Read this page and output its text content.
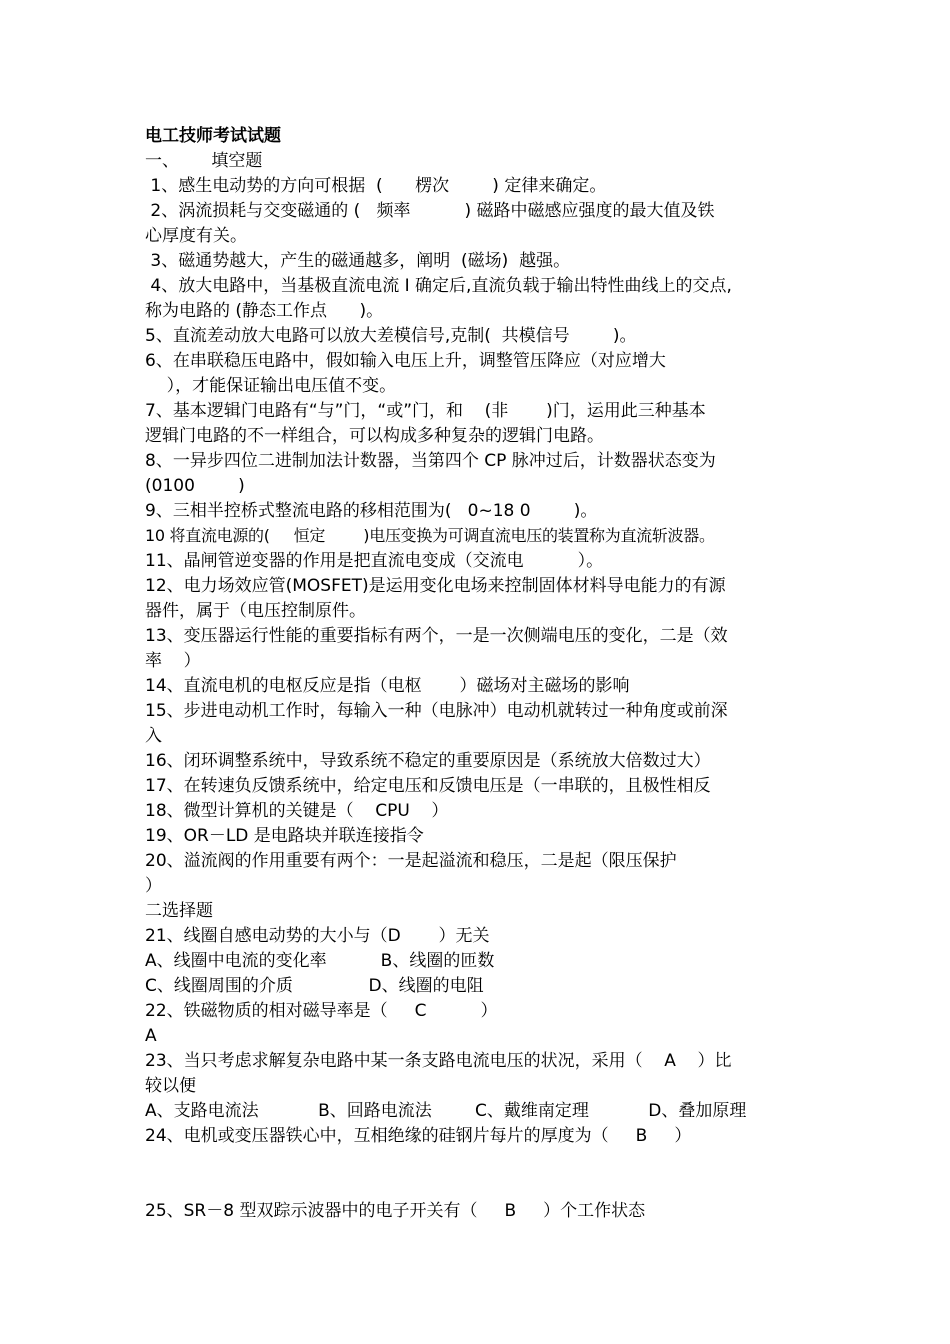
电工技师考试试题
一、      填空题
1、感生电动势的方向可根据  (      楞次        ) 定律来确定。
2、涡流损耗与交变磁通的 (   频率          ) 磁路中磁感应强度的最大值及铁
心厚度有关。
3、磁通势越大，产生的磁通越多，阐明  (磁场)  越强。
4、放大电路中，当基极直流电流 I 确定后,直流负载于输出特性曲线上的交点,
称为电路的 (静态工作点      )。
5、直流差动放大电路可以放大差模信号,克制(  共模信号        )。
6、在串联稳压电路中，假如输入电压上升，调整管压降应（对应增大
），才能保证输出电压值不变。
7、基本逻辑门电路有“与”门，“或”门，和    (非       )门，运用此三种基本
逻辑门电路的不一样组合，可以构成多种复杂的逻辑门电路。
8、一异步四位二进制加法计数器，当第四个 CP 脉冲过后，计数器状态变为
(0100        )
9、三相半控桥式整流电路的移相范围为(   0~18 0        )。
10 将直流电源的(     恒定        )电压变换为可调直流电压的装置称为直流斩波器。
11、晶闸管逆变器的作用是把直流电变成（交流电          ）。
12、电力场效应管(MOSFET)是运用变化电场来控制固体材料导电能力的有源
器件，属于（电压控制原件。
13、变压器运行性能的重要指标有两个，一是一次侧端电压的变化，二是（效
率    ）
14、直流电机的电枢反应是指（电枢       ）磁场对主磁场的影响
15、步进电动机工作时，每输入一种（电脉冲）电动机就转过一种角度或前深
入
16、闭环调整系统中，导致系统不稳定的重要原因是（系统放大倍数过大）
17、在转速负反馈系统中，给定电压和反馈电压是（一串联的，且极性相反
18、微型计算机的关键是（    CPU    ）
19、OR－LD 是电路块并联连接指令
20、溢流阀的作用重要有两个：一是起溢流和稳压，二是起（限压保护
）
二选择题
21、线圈自感电动势的大小与（D       ）无关
A、线圈中电流的变化率          B、线圈的匝数
C、线圈周围的介质              D、线圈的电阻
22、铁磁物质的相对磁导率是（     C          ）
A
23、当只考虑求解复杂电路中某一条支路电流电压的状况，采用（    A    ）比
较以便
A、支路电流法           B、回路电流法        C、戴维南定理           D、叠加原理
24、电机或变压器铁心中，互相绝缘的硅钢片每片的厚度为（     B     ）
25、SR－8 型双踪示波器中的电子开关有（     B     ）个工作状态
